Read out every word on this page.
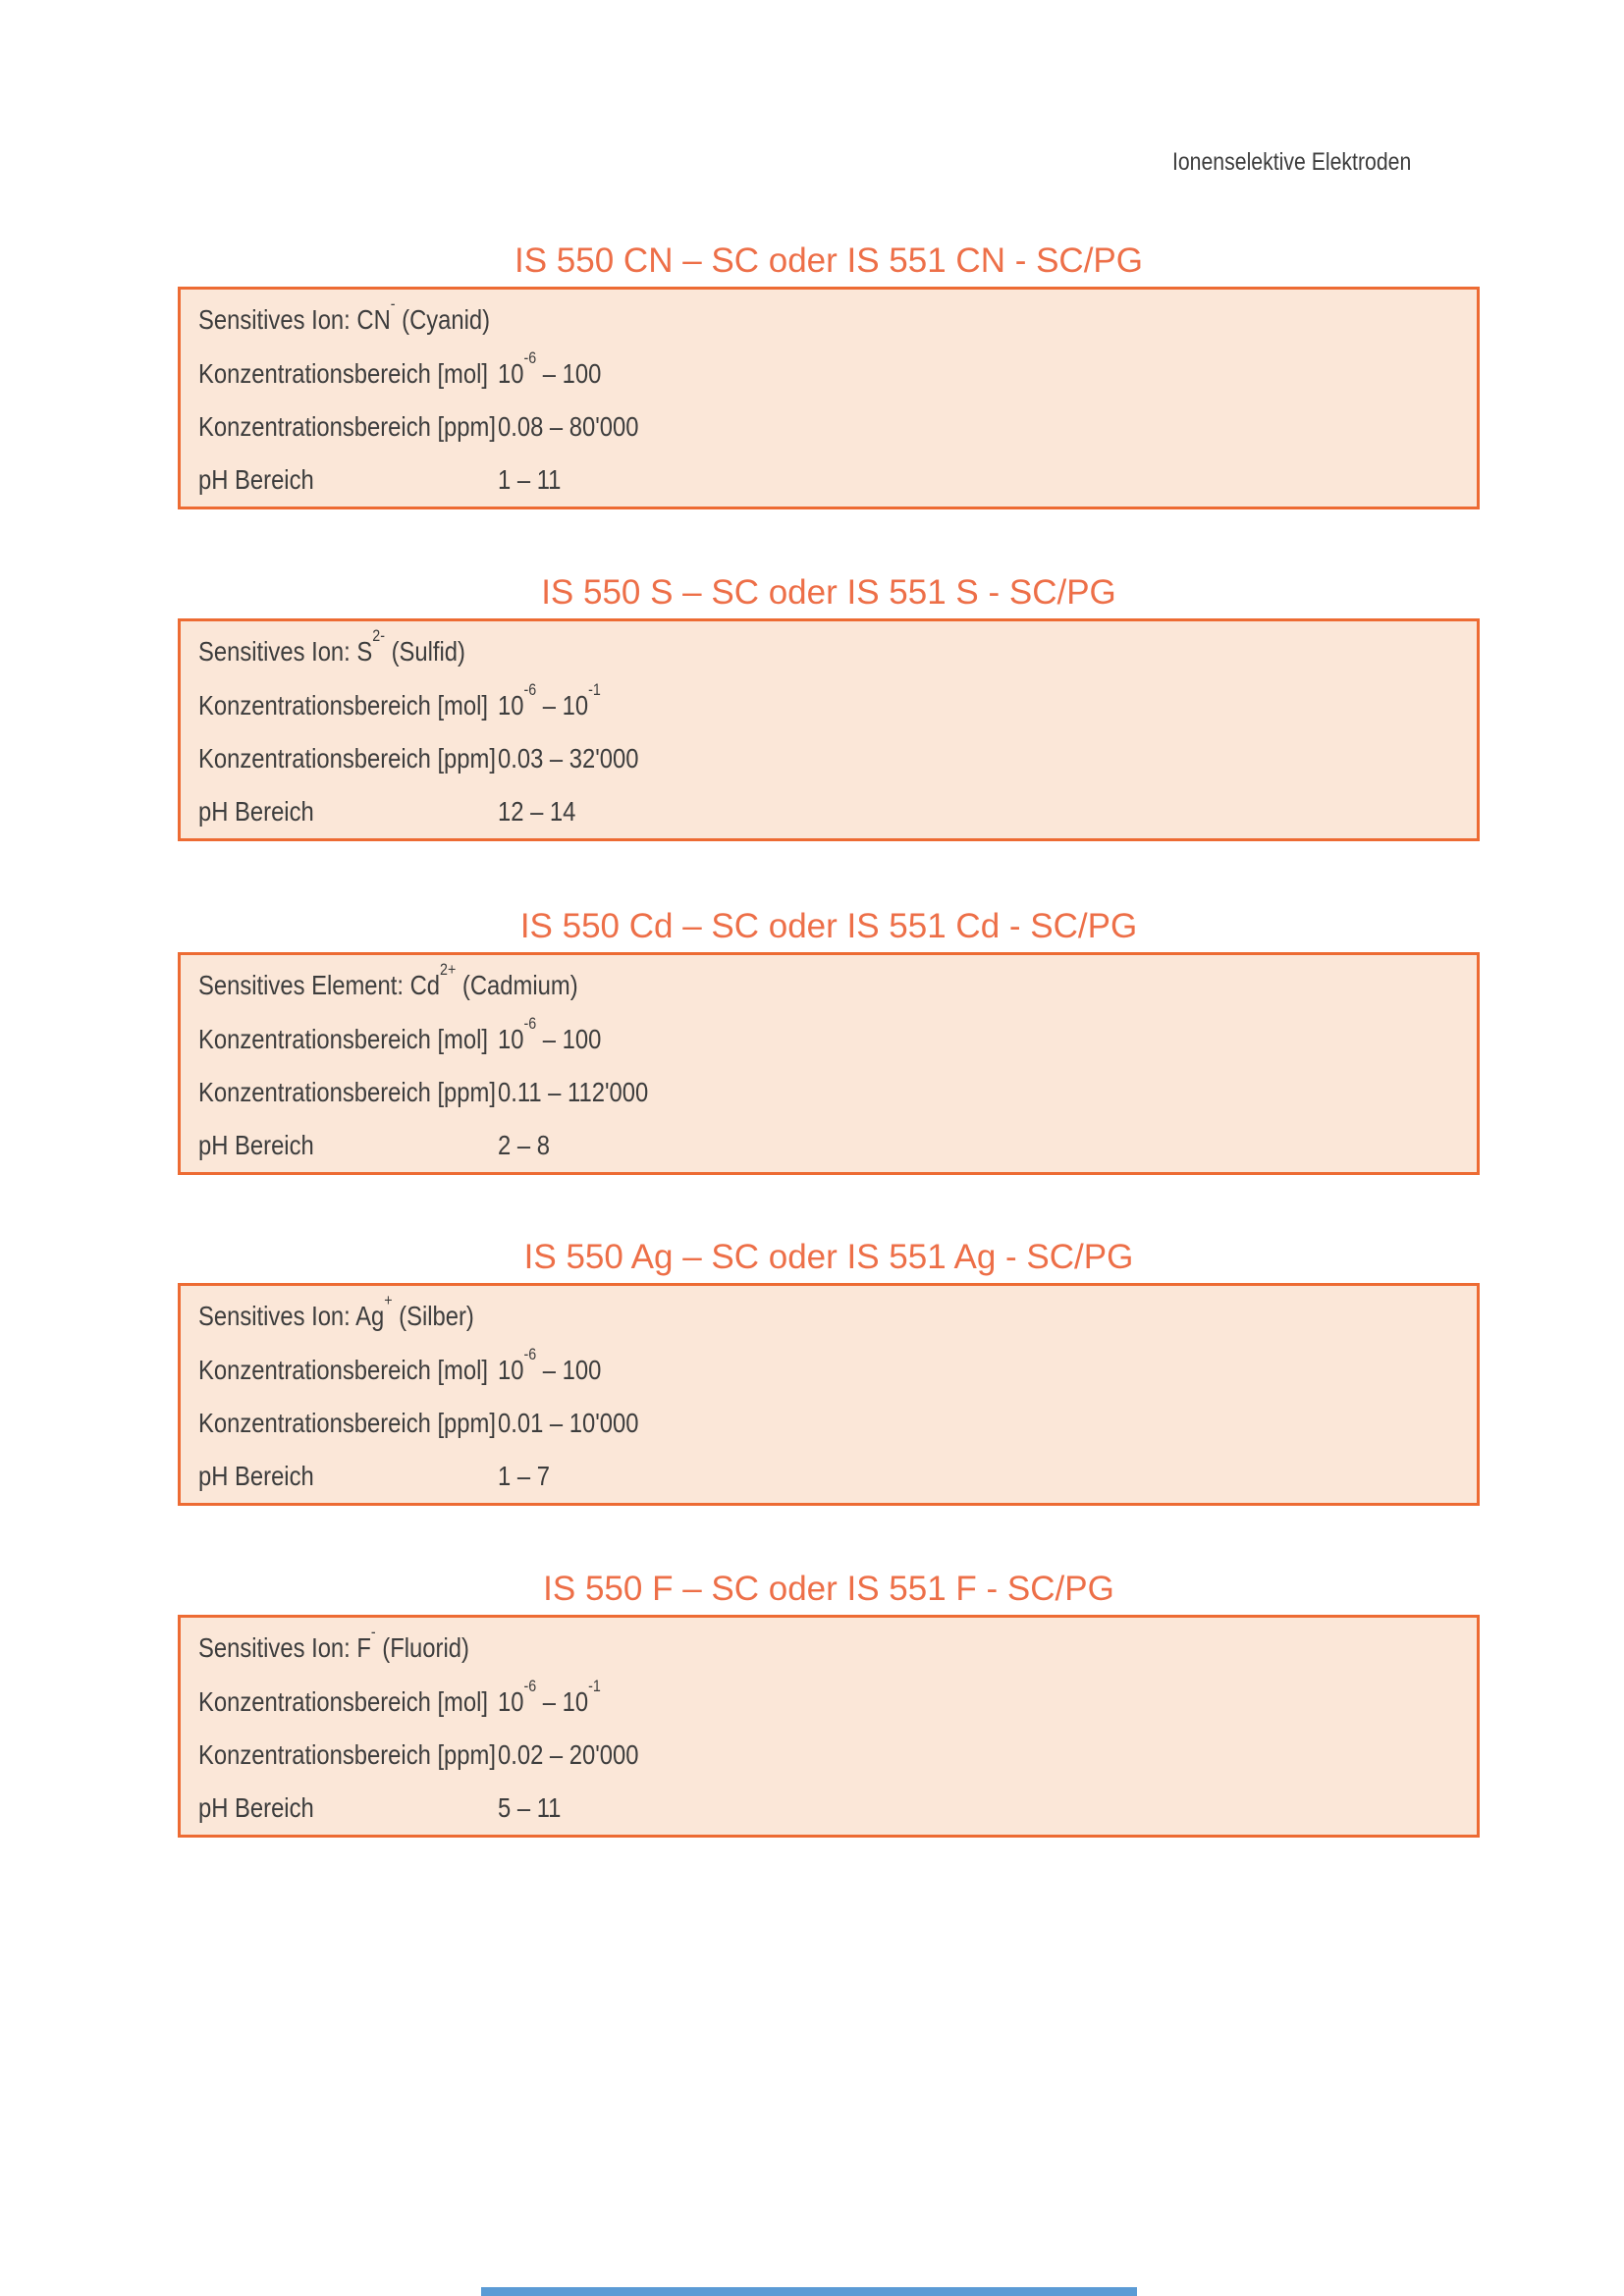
Ionenselektive Elektroden
IS 550 CN – SC oder IS 551 CN - SC/PG
Sensitives Ion: CN- (Cyanid)
Konzentrationsbereich [mol] $10^{-6} - 100$
Konzentrationsbereich [ppm] 0.08 – 80'000
pH Bereich	1 – 11
IS 550 S – SC oder IS 551 S - SC/PG
Sensitives Ion: $S^{2-}$ (Sulfid)
Konzentrationsbereich [mol] $10^{-6} - 10^{-1}$
Konzentrationsbereich [ppm] 0.03 – 32'000
pH Bereich	12 – 14
IS 550 Cd – SC oder IS 551 Cd - SC/PG
Sensitives Element: $Cd^{2+}$ (Cadmium)
Konzentrationsbereich [mol] $10^{-6} - 100$
Konzentrationsbereich [ppm] 0.11 – 112'000
pH Bereich	2 – 8
IS 550 Ag – SC oder IS 551 Ag - SC/PG
Sensitives Ion: Ag+ (Silber)
Konzentrationsbereich [mol] $10^{-6} - 100$
Konzentrationsbereich [ppm] 0.01 – 10'000
pH Bereich	1 – 7
IS 550 F – SC oder IS 551 F - SC/PG
Sensitives Ion: F- (Fluorid)
Konzentrationsbereich [mol] $10^{-6} - 10^{-1}$
Konzentrationsbereich [ppm] 0.02 – 20'000
pH Bereich	5 – 11
